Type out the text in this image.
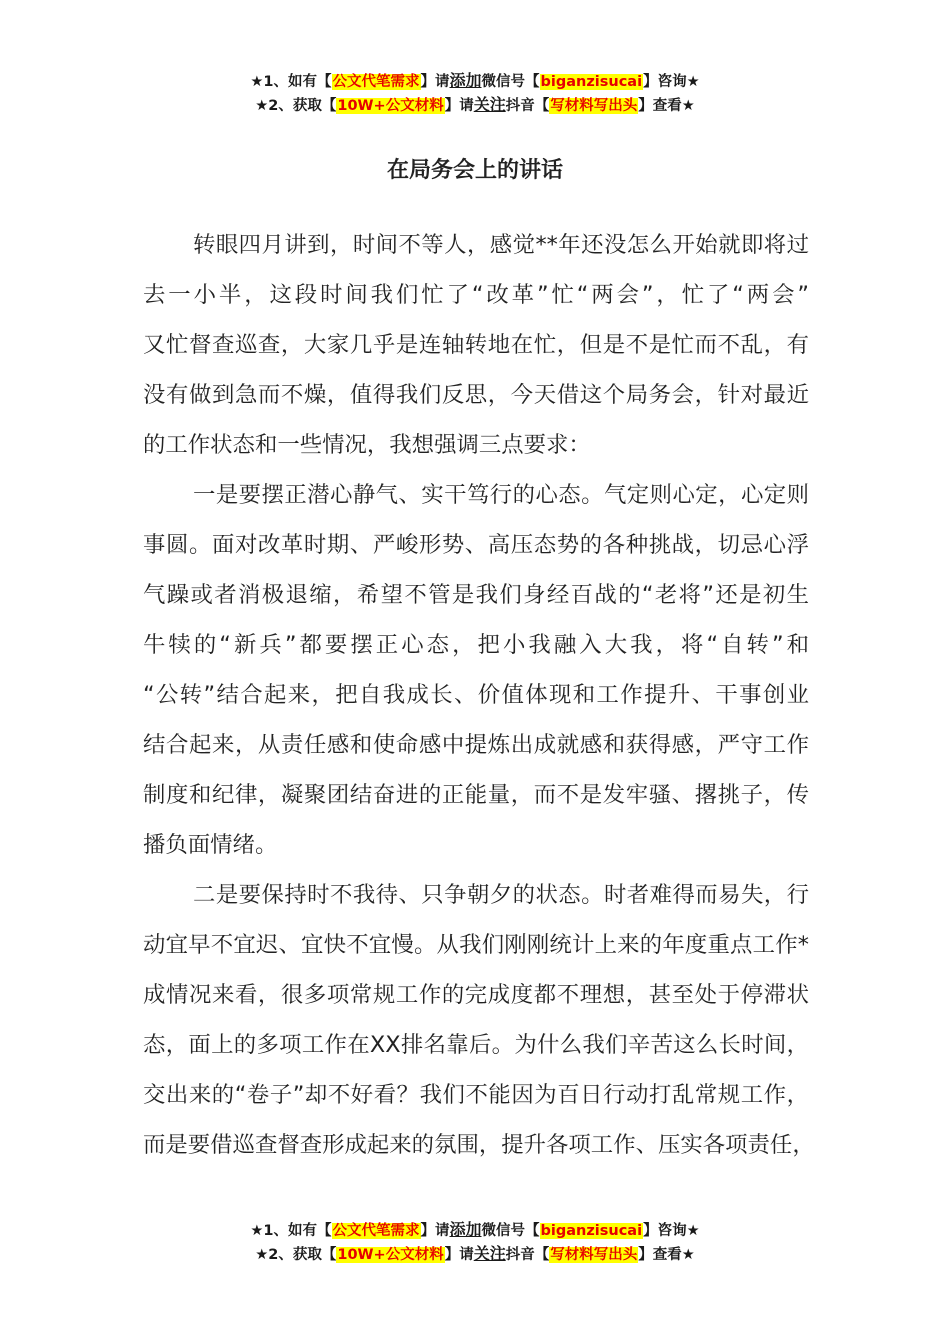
★1、如有【公文代笔需求】请添加微信号【biganzisucai】咨询★
★2、获取【10W+公文材料】请关注抖音【写材料写出头】查看★
在局务会上的讲话
转眼四月讲到，时间不等人，感觉**年还没怎么开始就即将过
去一小半，这段时间我们忙了“改革”忙“两会”，忙了“两会”
又忙督查巡查，大家几乎是连轴转地在忙，但是不是忙而不乱，有
没有做到急而不燥，值得我们反思，今天借这个局务会，针对最近
的工作状态和一些情况，我想强调三点要求：
一是要摆正潜心静气、实干笃行的心态。气定则心定，心定则
事圆。面对改革时期、严峻形势、高压态势的各种挑战，切忌心浮
气躁或者消极退缩，希望不管是我们身经百战的“老将”还是初生
牛犊的“新兵”都要摆正心态，把小我融入大我，将“自转”和
“公转”结合起来，把自我成长、价值体现和工作提升、干事创业
结合起来，从责任感和使命感中提炼出成就感和获得感，严守工作
制度和纪律，凝聚团结奋进的正能量，而不是发牢骚、撂挑子，传
播负面情绪。
二是要保持时不我待、只争朝夕的状态。时者难得而易失，行
动宜早不宜迟、宜快不宜慢。从我们刚刚统计上来的年度重点工作*
成情况来看，很多项常规工作的完成度都不理想，甚至处于停滞状
态，面上的多项工作在XX排名靠后。为什么我们辛苦这么长时间，
交出来的“卷子”却不好看？我们不能因为百日行动打乱常规工作，
而是要借巡查督查形成起来的氛围，提升各项工作、压实各项责任，
★1、如有【公文代笔需求】请添加微信号【biganzisucai】咨询★
★2、获取【10W+公文材料】请关注抖音【写材料写出头】查看★
